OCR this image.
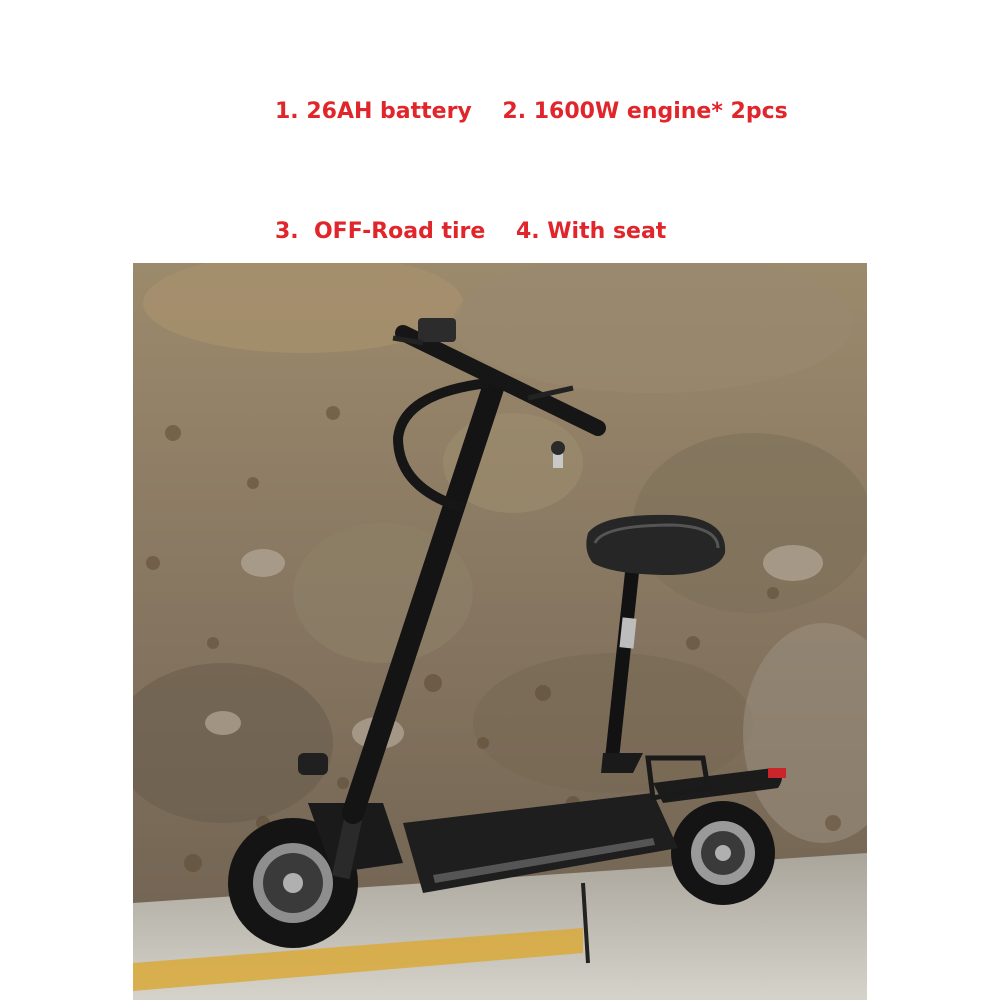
1. 26AH battery    2. 1600W engine* 2pcs

3.  OFF-Road tire    4. With seat
